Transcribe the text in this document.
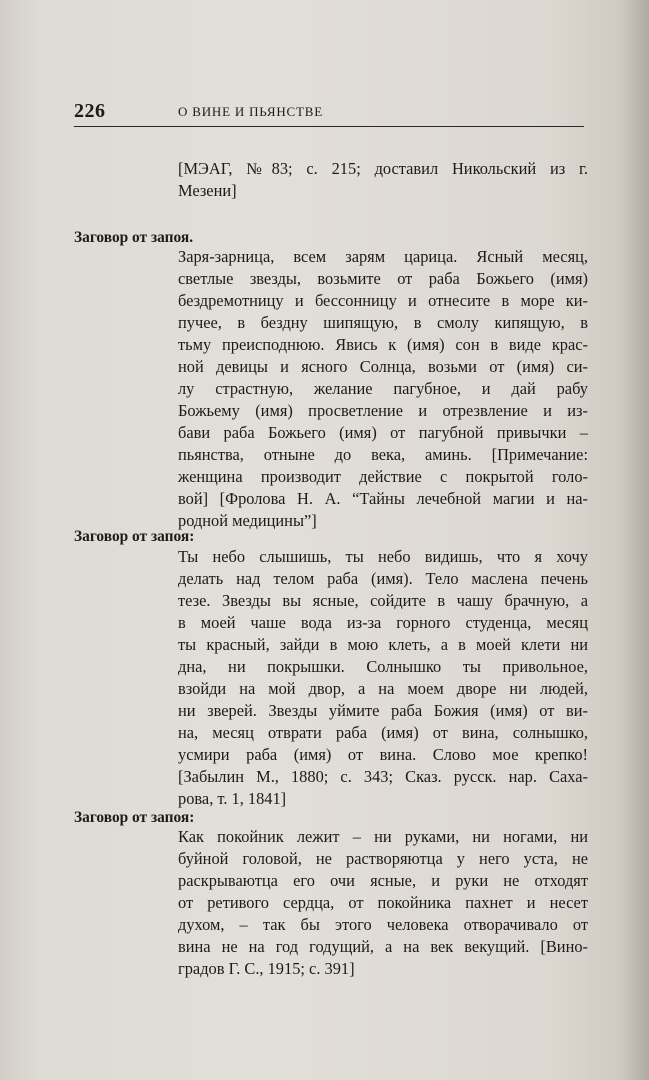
226	О ВИНЕ И ПЬЯНСТВЕ
[МЭАГ, №83; с. 215; доставил Никольский из г.
Мезени]
Заговор от запоя.
Заря-зарница, всем зарям царица. Ясный месяц,
светлые звезды, возьмите от раба Божьего (имя)
бездремотницу и бессонницу и отнесите в море ки-
пучее, в бездну шипящую, в смолу кипящую, в
тьму преисподнюю. Явись к (имя) сон в виде крас-
ной девицы и ясного Солнца, возьми от (имя) си-
лу страстную, желание пагубное, и дай рабу
Божьему (имя) просветление и отрезвление и из-
бави раба Божьего (имя) от пагубной привычки –
пьянства, отныне до века, аминь. [Примечание:
женщина производит действие с покрытой голо-
вой] [Фролова Н. А. “Тайны лечебной магии и на-
родной медицины”]
Заговор от запоя:
Ты небо слышишь, ты небо видишь, что я хочу
делать над телом раба (имя). Тело маслена печень
тезе. Звезды вы ясные, сойдите в чашу брачную, а
в моей чаше вода из-за горного студенца, месяц
ты красный, зайди в мою клеть, а в моей клети ни
дна, ни покрышки. Солнышко ты привольное,
взойди на мой двор, а на моем дворе ни людей,
ни зверей. Звезды уймите раба Божия (имя) от ви-
на, месяц отврати раба (имя) от вина, солнышко,
усмири раба (имя) от вина. Слово мое крепко!
[Забылин М., 1880; с. 343; Сказ. русск. нар. Саха-
рова, т. 1, 1841]
Заговор от запоя:
Как покойник лежит – ни руками, ни ногами, ни
буйной головой, не растворяютца у него уста, не
раскрываютца его очи ясные, и руки не отходят
от ретивого сердца, от покойника пахнет и несет
духом, – так бы этого человека отворачивало от
вина не на год годущий, а на век векущий. [Вино-
градов Г. С., 1915; с. 391]
